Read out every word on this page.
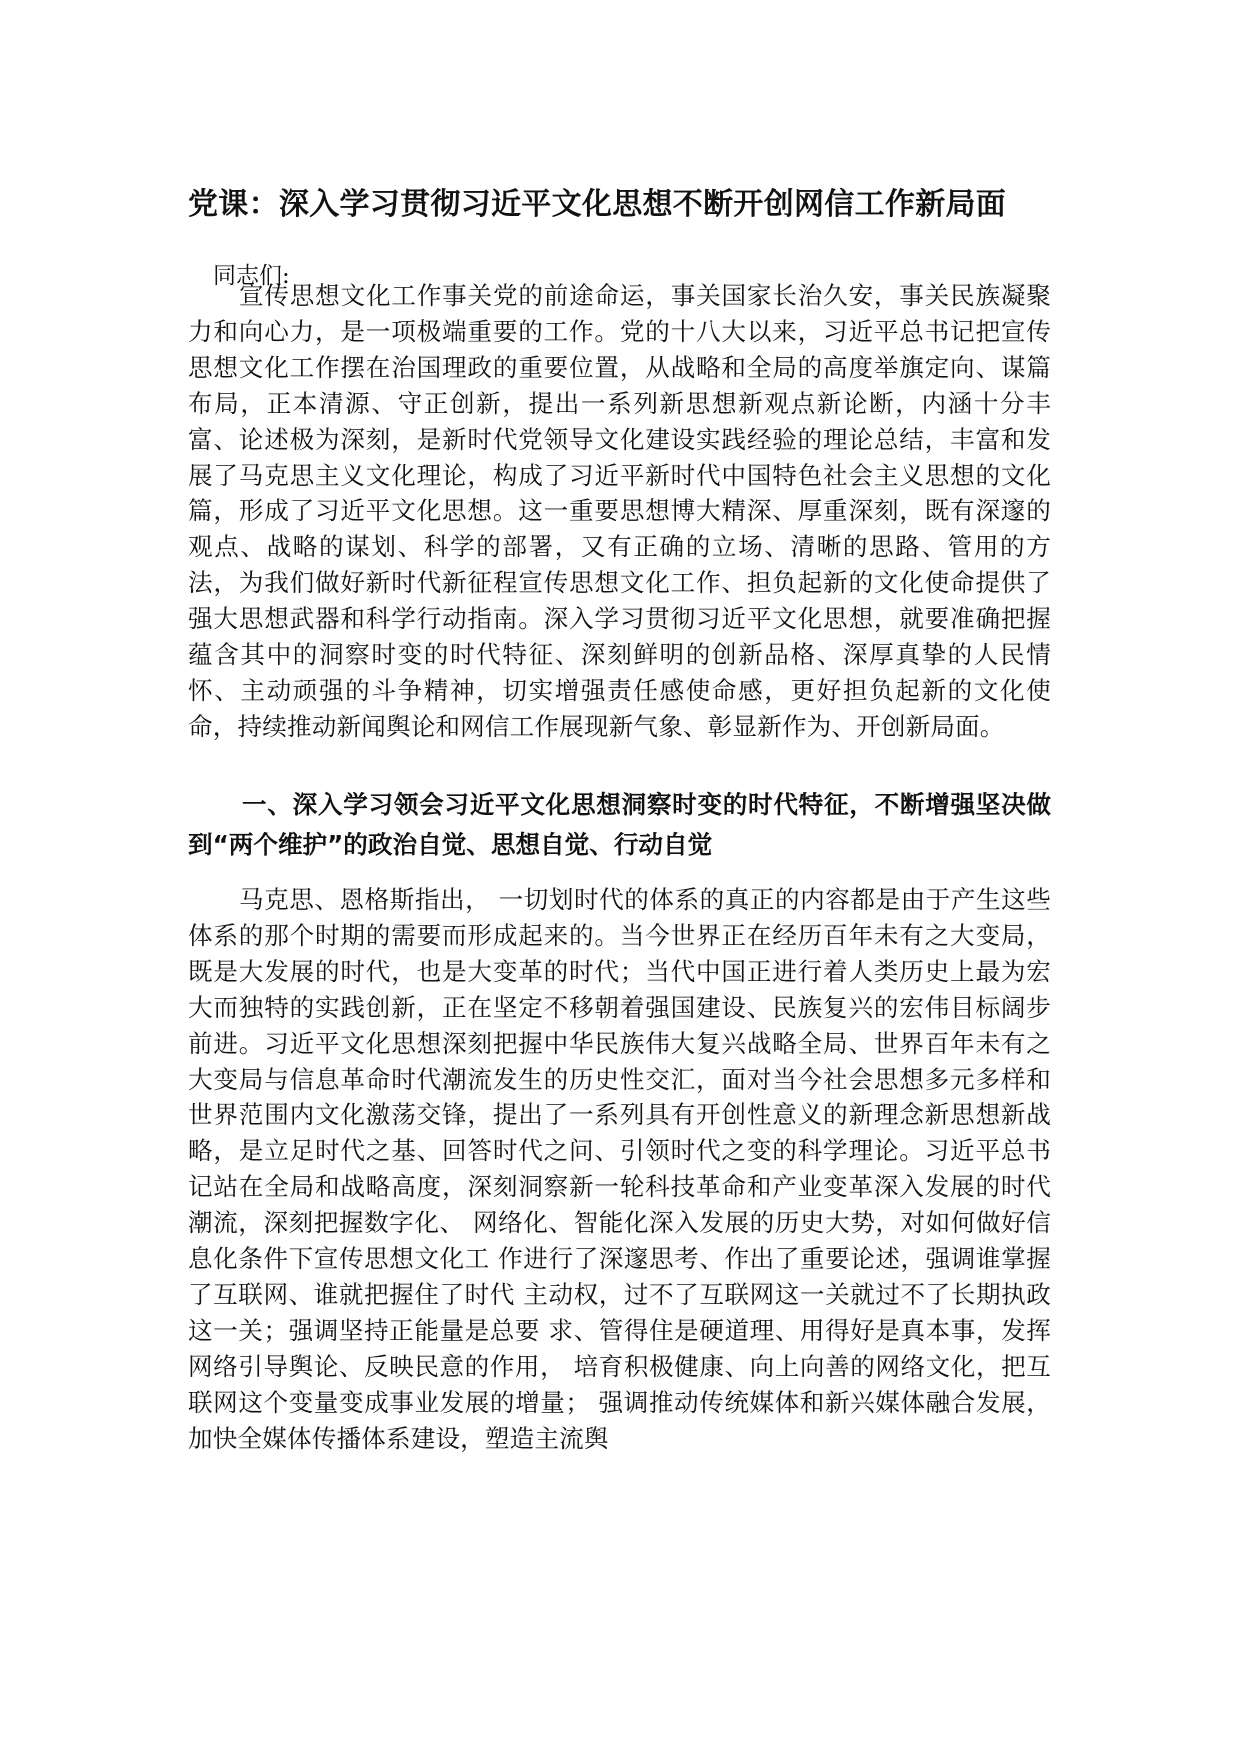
党课：深入学习贯彻习近平文化思想不断开创网信工作新局面

同志们:

宣传思想文化工作事关党的前途命运，事关国家长治久安，事关民族凝聚力和向心力，是一项极端重要的工作。党的十八大以来，习近平总书记把宣传思想文化工作摆在治国理政的重要位置，从战略和全局的高度举旗定向、谋篇布局，正本清源、守正创新，提出一系列新思想新观点新论断，内涵十分丰富、论述极为深刻，是新时代党领导文化建设实践经验的理论总结，丰富和发展了马克思主义文化理论，构成了习近平新时代中国特色社会主义思想的文化篇，形成了习近平文化思想。这一重要思想博大精深、厚重深刻，既有深邃的观点、战略的谋划、科学的部署，又有正确的立场、清晰的思路、管用的方法，为我们做好新时代新征程宣传思想文化工作、担负起新的文化使命提供了强大思想武器和科学行动指南。深入学习贯彻习近平文化思想，就要准确把握蕴含其中的洞察时变的时代特征、深刻鲜明的创新品格、深厚真挚的人民情怀、主动顽强的斗争精神，切实增强责任感使命感，更好担负起新的文化使命，持续推动新闻舆论和网信工作展现新气象、彰显新作为、开创新局面。

一、深入学习领会习近平文化思想洞察时变的时代特征，不断增强坚决做到“两个维护”的政治自觉、思想自觉、行动自觉

马克思、恩格斯指出， 一切划时代的体系的真正的内容都是由于产生这些体系的那个时期的需要而形成起来的。当今世界正在经历百年未有之大变局，既是大发展的时代，也是大变革的时代；当代中国正进行着人类历史上最为宏大而独特的实践创新，正在坚定不移朝着强国建设、民族复兴的宏伟目标阔步前进。习近平文化思想深刻把握中华民族伟大复兴战略全局、世界百年未有之大变局与信息革命时代潮流发生的历史性交汇，面对当今社会思想多元多样和世界范围内文化激荡交锋，提出了一系列具有开创性意义的新理念新思想新战略，是立足时代之基、回答时代之问、引领时代之变的科学理论。习近平总书记站在全局和战略高度，深刻洞察新一轮科技革命和产业变革深入发展的时代潮流，深刻把握数字化、 网络化、智能化深入发展的历史大势，对如何做好信息化条件下宣传思想文化工 作进行了深邃思考、作出了重要论述，强调谁掌握了互联网、谁就把握住了时代 主动权，过不了互联网这一关就过不了长期执政这一关；强调坚持正能量是总要 求、管得住是硬道理、用得好是真本事，发挥网络引导舆论、反映民意的作用， 培育积极健康、向上向善的网络文化，把互联网这个变量变成事业发展的增量； 强调推动传统媒体和新兴媒体融合发展，加快全媒体传播体系建设，塑造主流舆
